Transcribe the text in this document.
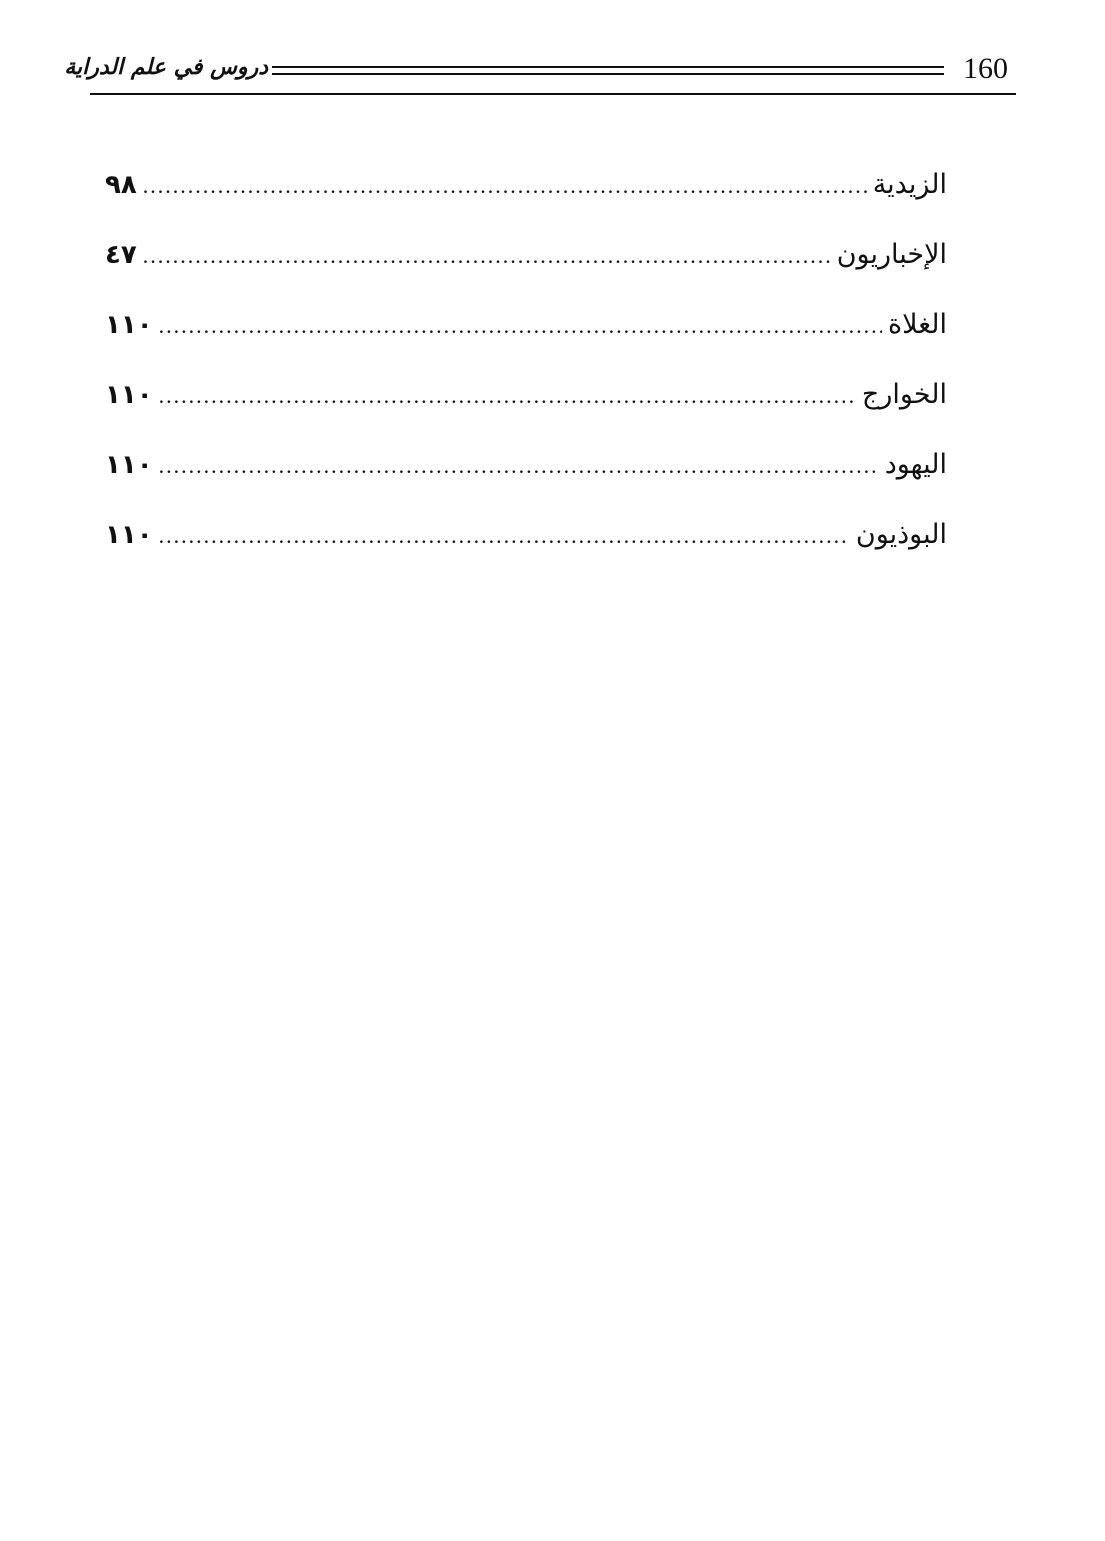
دروس في علم الدراية	160
الزيدية
.....
٩٨
الإخباريون
.....
٤٧
الغلاة
.....
١١٠
الخوارج
.....
١١٠
اليهود
.....
١١٠
البوذيون
.....
١١٠
